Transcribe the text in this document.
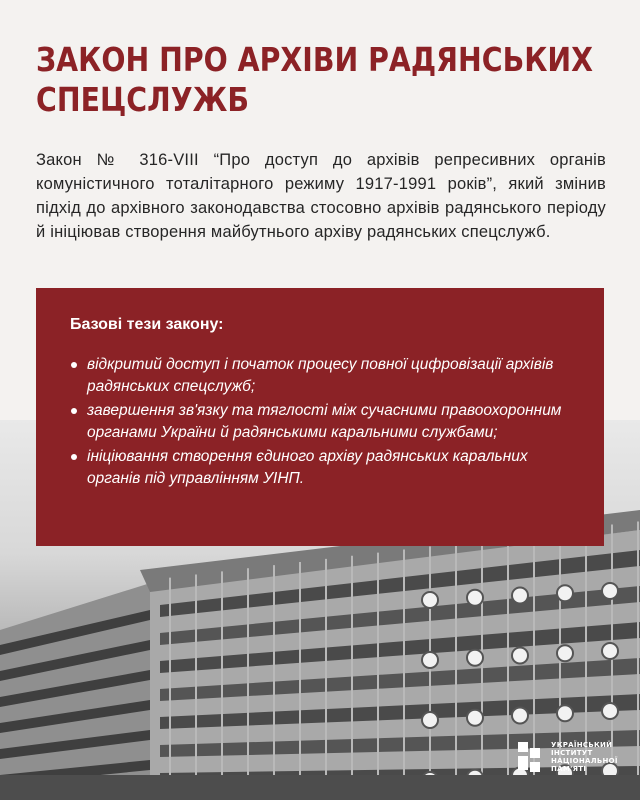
ЗАКОН ПРО АРХІВИ РАДЯНСЬКИХ
СПЕЦСЛУЖБ

Закон № 316-VIII “Про доступ до архівів репресивних органів комуністичного тоталітарного режиму 1917-1991 років”, який змінив підхід до архівного законодавства стосовно архівів радянського періоду й ініціював створення майбутнього архіву радянських спецслужб.

Базові тези закону:
відкритий доступ і початок процесу повної цифровізації архівів радянських спецслужб;
завершення зв'язку та тяглості між сучасними правоохоронним органами України й радянськими каральними службами;
ініціювання створення єдиного архіву радянських каральних органів під управлінням УІНП.
УКРАЇНСЬКИЙ
ІНСТИТУТ
НАЦІОНАЛЬНОЇ
ПАМ'ЯТІ
